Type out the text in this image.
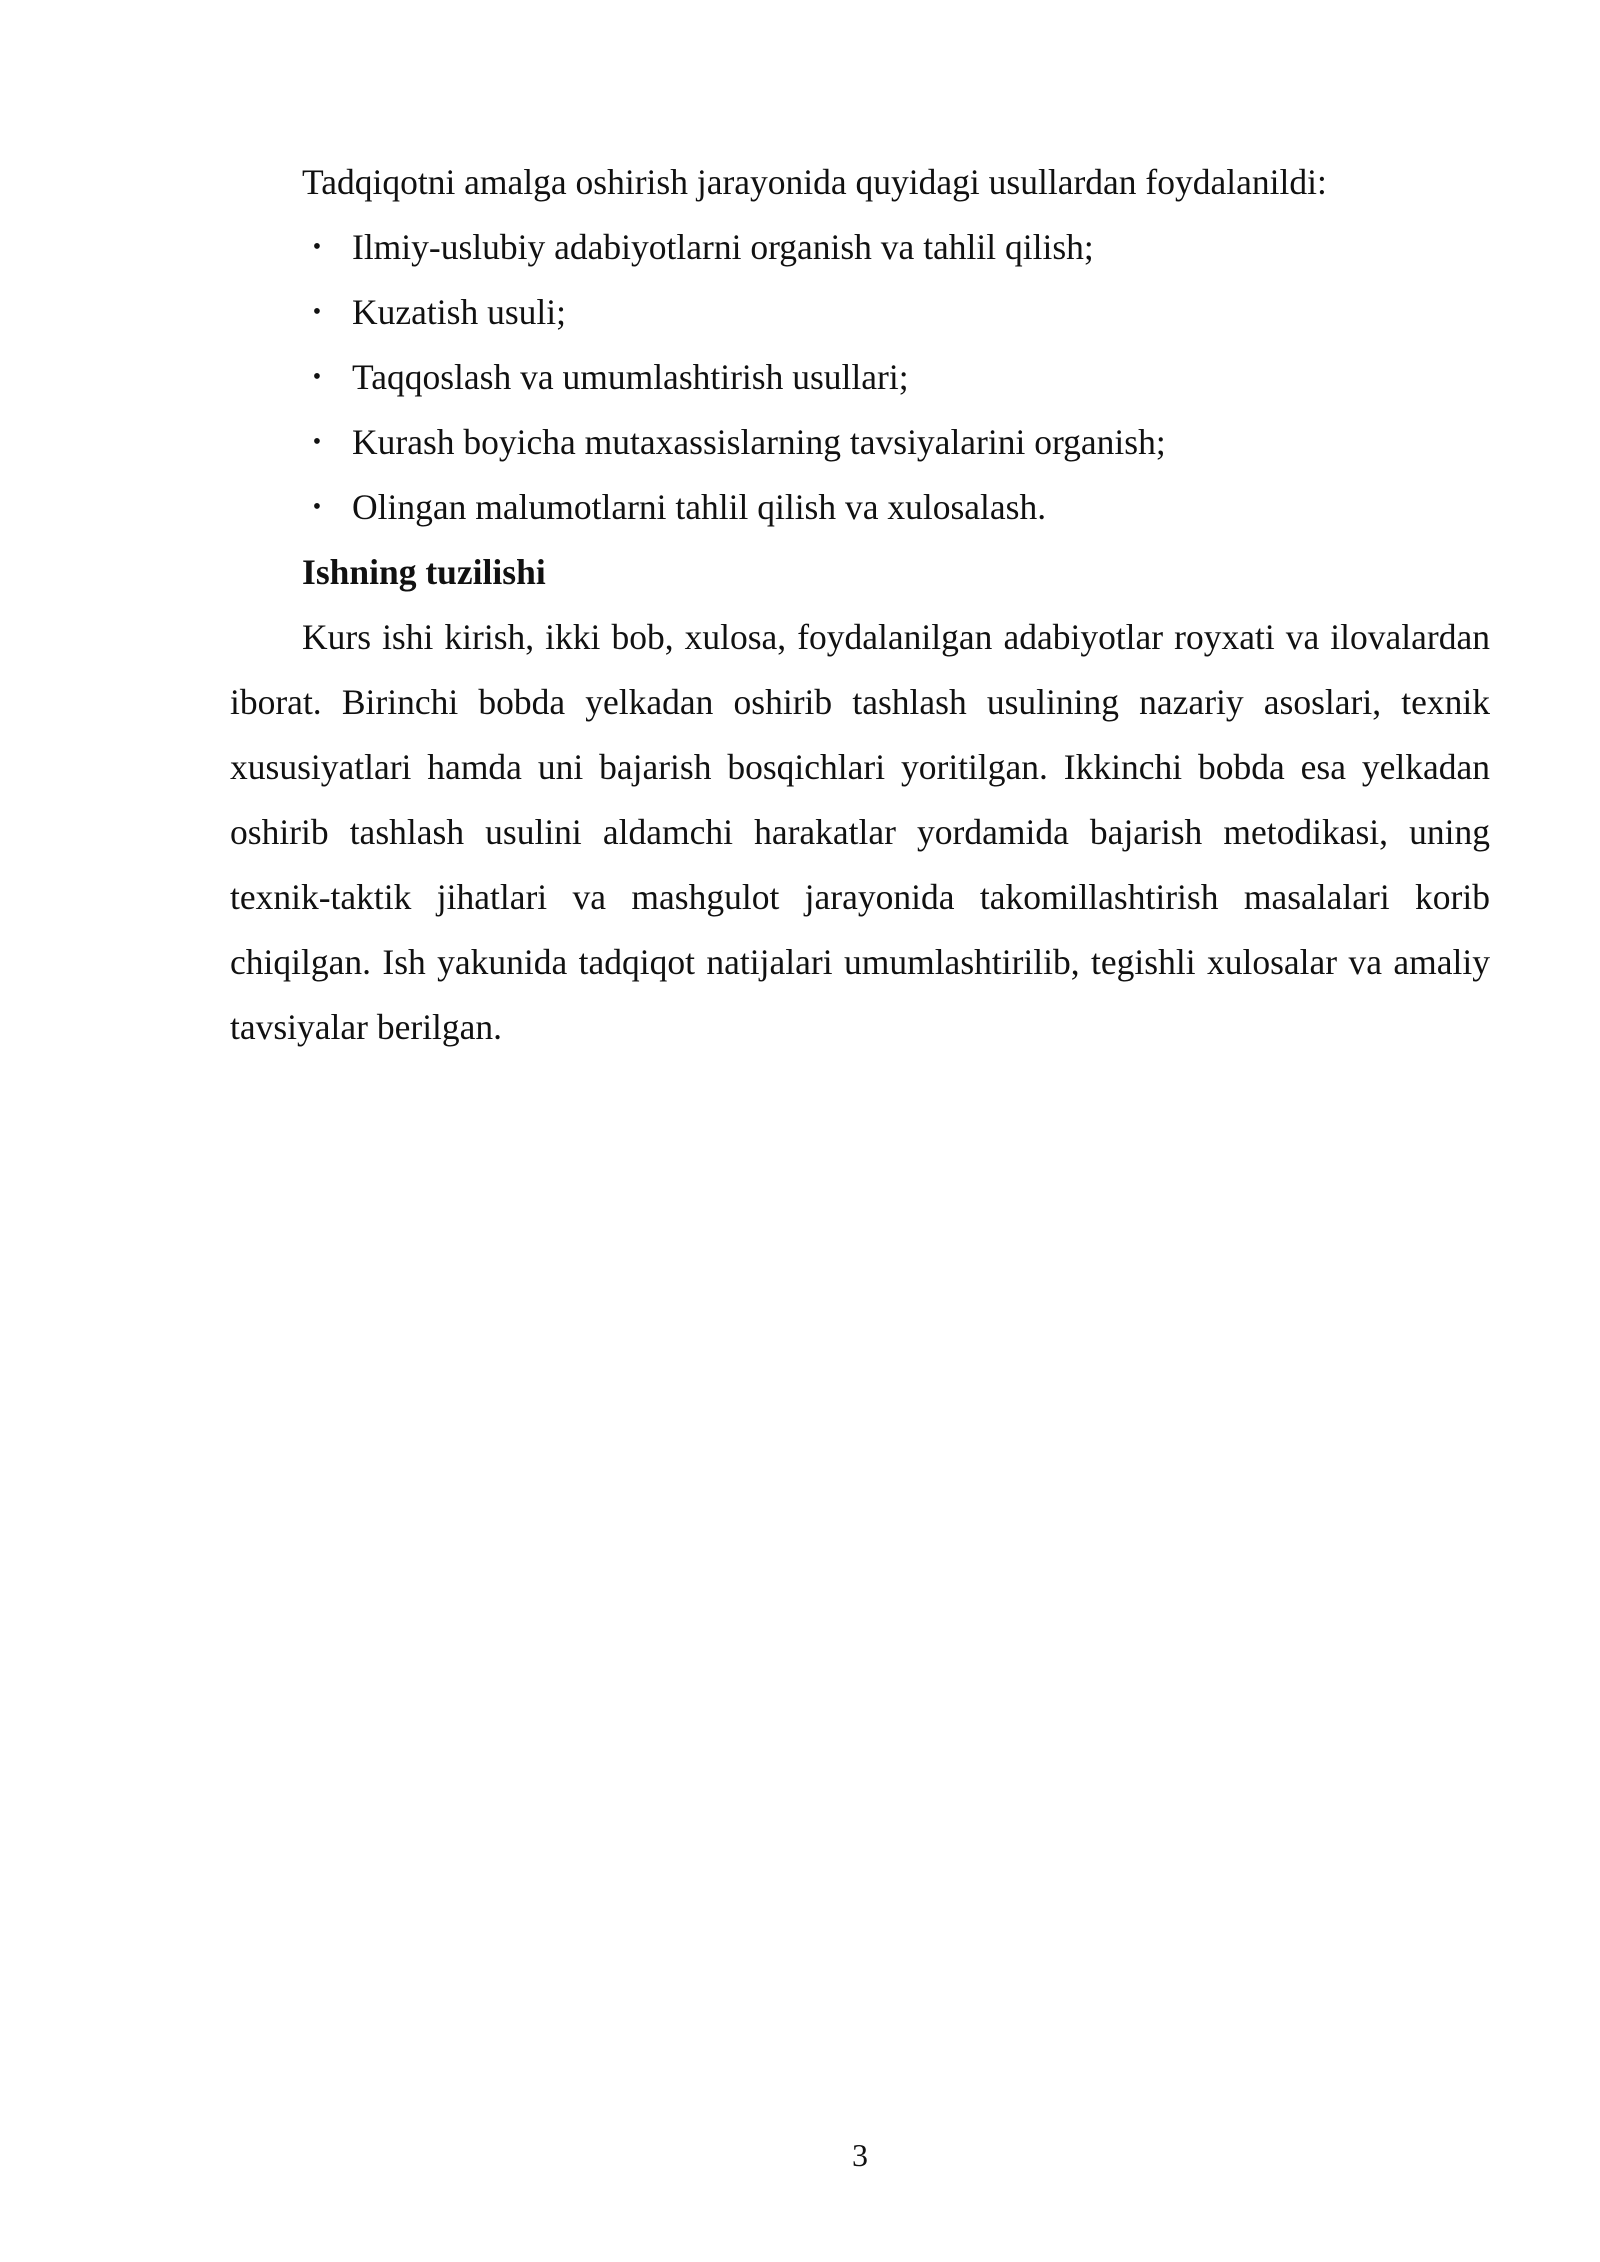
Tadqiqotni amalga oshirish jarayonida quyidagi usullardan foydalanildi:

• Ilmiy-uslubiy adabiyotlarni organish va tahlil qilish;
• Kuzatish usuli;
• Taqqoslash va umumlashtirish usullari;
• Kurash boyicha mutaxassislarning tavsiyalarini organish;
• Olingan malumotlarni tahlil qilish va xulosalash.
Ishning tuzilishi

Kurs ishi kirish, ikki bob, xulosa, foydalanilgan adabiyotlar royxati va ilovalardan iborat. Birinchi bobda yelkadan oshirib tashlash usulining nazariy asoslari, texnik xususiyatlari hamda uni bajarish bosqichlari yoritilgan. Ikkinchi bobda esa yelkadan oshirib tashlash usulini aldamchi harakatlar yordamida bajarish metodikasi, uning texnik-taktik jihatlari va mashgulot jarayonida takomillashtirish masalalari korib chiqilgan. Ish yakunida tadqiqot natijalari umumlashtirilib, tegishli xulosalar va amaliy tavsiyalar berilgan.

3
